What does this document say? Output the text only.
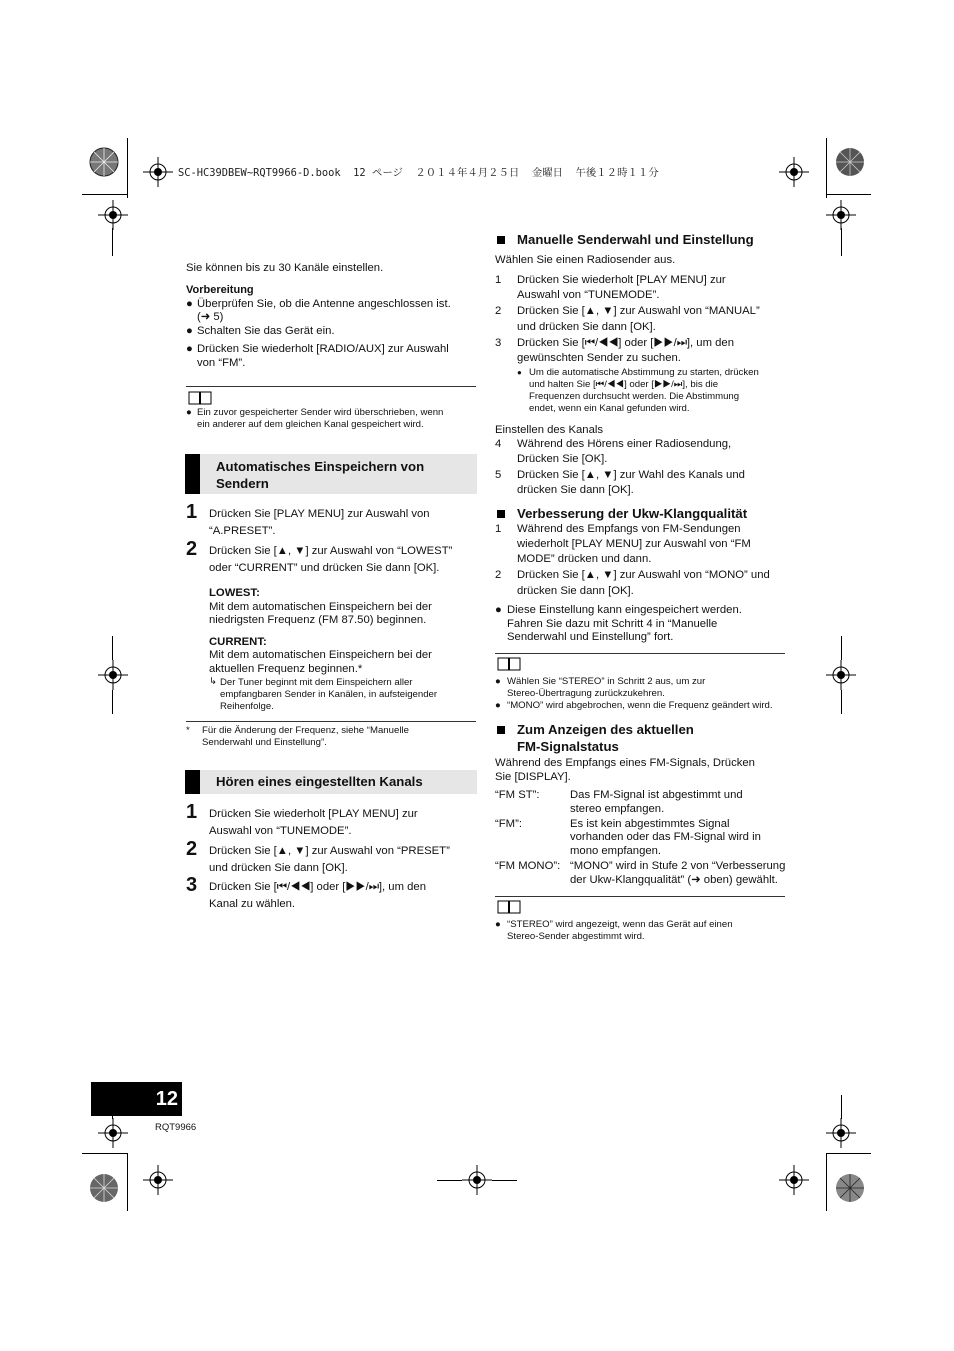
SC-HC39DBEW~RQT9966-D.book  12 ページ  ２０１４年４月２５日  金曜日  午後１２時１１分
Sie können bis zu 30 Kanäle einstellen.
Vorbereitung
● Überprüfen Sie, ob die Antenne angeschlossen ist.
(➜ 5)
● Schalten Sie das Gerät ein.
● Drücken Sie wiederholt [RADIO/AUX] zur Auswahl
von “FM”.
● Ein zuvor gespeicherter Sender wird überschrieben, wenn
ein anderer auf dem gleichen Kanal gespeichert wird.
Automatisches Einspeichern von
Sendern
1 Drücken Sie [PLAY MENU] zur Auswahl von
“A.PRESET”.
2 Drücken Sie [▲, ▼] zur Auswahl von “LOWEST”
oder “CURRENT” und drücken Sie dann [OK].
LOWEST:
Mit dem automatischen Einspeichern bei der
niedrigsten Frequenz (FM 87.50) beginnen.
CURRENT:
Mit dem automatischen Einspeichern bei der
aktuellen Frequenz beginnen.*
↳ Der Tuner beginnt mit dem Einspeichern aller
empfangbaren Sender in Kanälen, in aufsteigender
Reihenfolge.
* Für die Änderung der Frequenz, siehe “Manuelle
Senderwahl und Einstellung”.
Hören eines eingestellten Kanals
1 Drücken Sie wiederholt [PLAY MENU] zur
Auswahl von “TUNEMODE”.
2 Drücken Sie [▲, ▼] zur Auswahl von “PRESET”
und drücken Sie dann [OK].
3 Drücken Sie [⏮/◀◀] oder [▶▶/⏭], um den
Kanal zu wählen.
Manuelle Senderwahl und Einstellung
Wählen Sie einen Radiosender aus.
1 Drücken Sie wiederholt [PLAY MENU] zur
Auswahl von “TUNEMODE”.
2 Drücken Sie [▲, ▼] zur Auswahl von “MANUAL”
und drücken Sie dann [OK].
3 Drücken Sie [⏮/◀◀] oder [▶▶/⏭], um den
gewünschten Sender zu suchen.
● Um die automatische Abstimmung zu starten, drücken
und halten Sie [⏮/◀◀] oder [▶▶/⏭], bis die
Frequenzen durchsucht werden. Die Abstimmung
endet, wenn ein Kanal gefunden wird.
Einstellen des Kanals
4 Während des Hörens einer Radiosendung,
Drücken Sie [OK].
5 Drücken Sie [▲, ▼] zur Wahl des Kanals und
drücken Sie dann [OK].
Verbesserung der Ukw-Klangqualität
1 Während des Empfangs von FM-Sendungen
wiederholt [PLAY MENU] zur Auswahl von “FM
MODE” drücken und dann.
2 Drücken Sie [▲, ▼] zur Auswahl von “MONO” und
drücken Sie dann [OK].
● Diese Einstellung kann eingespeichert werden.
Fahren Sie dazu mit Schritt 4 in “Manuelle
Senderwahl und Einstellung” fort.
● Wählen Sie “STEREO” in Schritt 2 aus, um zur
Stereo-Übertragung zurückzukehren.
● “MONO” wird abgebrochen, wenn die Frequenz geändert wird.
Zum Anzeigen des aktuellen
FM-Signalstatus
Während des Empfangs eines FM-Signals, Drücken
Sie [DISPLAY].
“FM ST”:	Das FM-Signal ist abgestimmt und
stereo empfangen.
“FM”:	Es ist kein abgestimmtes Signal
vorhanden oder das FM-Signal wird in
mono empfangen.
“FM MONO”: “MONO” wird in Stufe 2 von “Verbesserung
der Ukw-Klangqualität” (➜ oben) gewählt.
● “STEREO” wird angezeigt, wenn das Gerät auf einen
Stereo-Sender abgestimmt wird.
12
RQT9966
